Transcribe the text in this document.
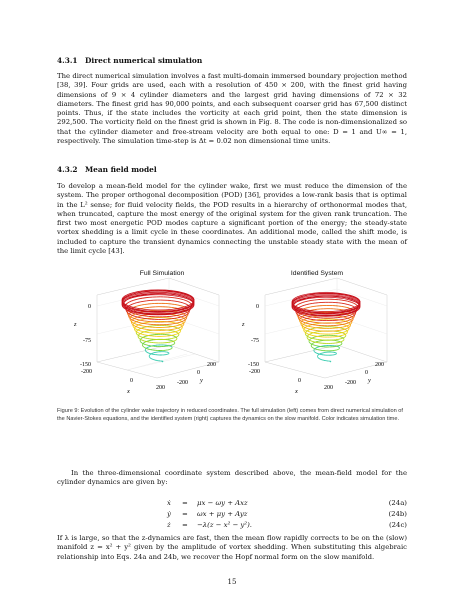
4.3.1 Direct numerical simulation
The direct numerical simulation involves a fast multi-domain immersed boundary projection method [38, 39]. Four grids are used, each with a resolution of 450 × 200, with the finest grid having dimensions of 9 × 4 cylinder diameters and the largest grid having dimensions of 72 × 32 diameters. The finest grid has 90,000 points, and each subsequent coarser grid has 67,500 distinct points. Thus, if the state includes the vorticity at each grid point, then the state dimension is 292,500. The vorticity field on the finest grid is shown in Fig. 8. The code is non-dimensionalized so that the cylinder diameter and free-stream velocity are both equal to one: D = 1 and U∞ = 1, respectively. The simulation time-step is Δt = 0.02 non dimensional time units.
4.3.2 Mean field model
To develop a mean-field model for the cylinder wake, first we must reduce the dimension of the system. The proper orthogonal decomposition (POD) [36], provides a low-rank basis that is optimal in the L² sense; for fluid velocity fields, the POD results in a hierarchy of orthonormal modes that, when truncated, capture the most energy of the original system for the given rank truncation. The first two most energetic POD modes capture a significant portion of the energy; the steady-state vortex shedding is a limit cycle in these coordinates. An additional mode, called the shift mode, is included to capture the transient dynamics connecting the unstable steady state with the mean of the limit cycle [43].
Full Simulation	Identified System
0
-75
-150
z
-200
0
200
x
200
0
-200 y
0
-75
-150
z
-200
0
200
x
200
0
-200 y
Figure 9: Evolution of the cylinder wake trajectory in reduced coordinates. The full simulation (left) comes from direct numerical simulation of the Navier-Stokes equations, and the identified system (right) captures the dynamics on the slow manifold. Color indicates simulation time.
In the three-dimensional coordinate system described above, the mean-field model for the cylinder dynamics are given by:
ẋ	= μx − ωy + Axz	(24a)
ẏ	= ωx + μy + Ayz	(24b)
ż	= −λ(z − x² − y²).	(24c)
If λ is large, so that the z-dynamics are fast, then the mean flow rapidly corrects to be on the (slow) manifold z = x² + y² given by the amplitude of vortex shedding. When substituting this algebraic relationship into Eqs. 24a and 24b, we recover the Hopf normal form on the slow manifold.
15
